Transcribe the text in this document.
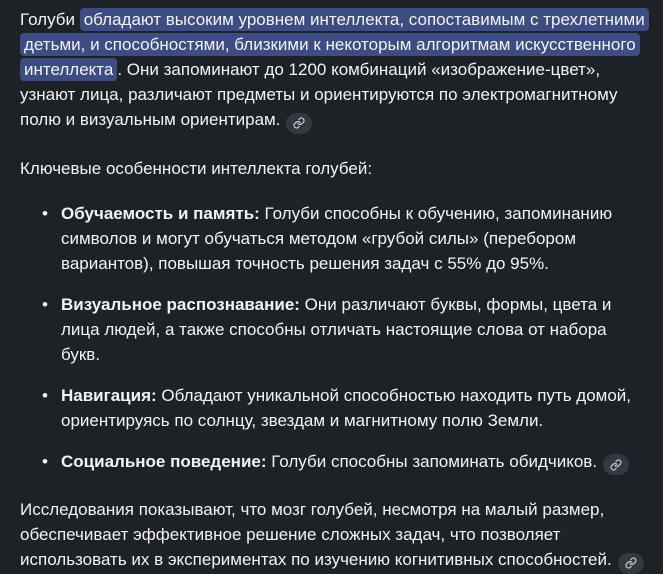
Голуби обладают высоким уровнем интеллекта, сопоставимым с трехлетними детьми, и способностями, близкими к некоторым алгоритмам искусственного интеллекта . Они запоминают до 1200 комбинаций «изображение-цвет», узнают лица, различают предметы и ориентируются по электромагнитному полю и визуальным ориентирам.

Ключевые особенности интеллекта голубей:

• Обучаемость и память: Голуби способны к обучению, запоминанию символов и могут обучаться методом «грубой силы» (перебором вариантов), повышая точность решения задач с 55% до 95%.
• Визуальное распознавание: Они различают буквы, формы, цвета и лица людей, а также способны отличать настоящие слова от набора букв.
• Навигация: Обладают уникальной способностью находить путь домой, ориентируясь по солнцу, звездам и магнитному полю Земли.
• Социальное поведение: Голуби способны запоминать обидчиков.

Исследования показывают, что мозг голубей, несмотря на малый размер, обеспечивает эффективное решение сложных задач, что позволяет использовать их в экспериментах по изучению когнитивных способностей.
